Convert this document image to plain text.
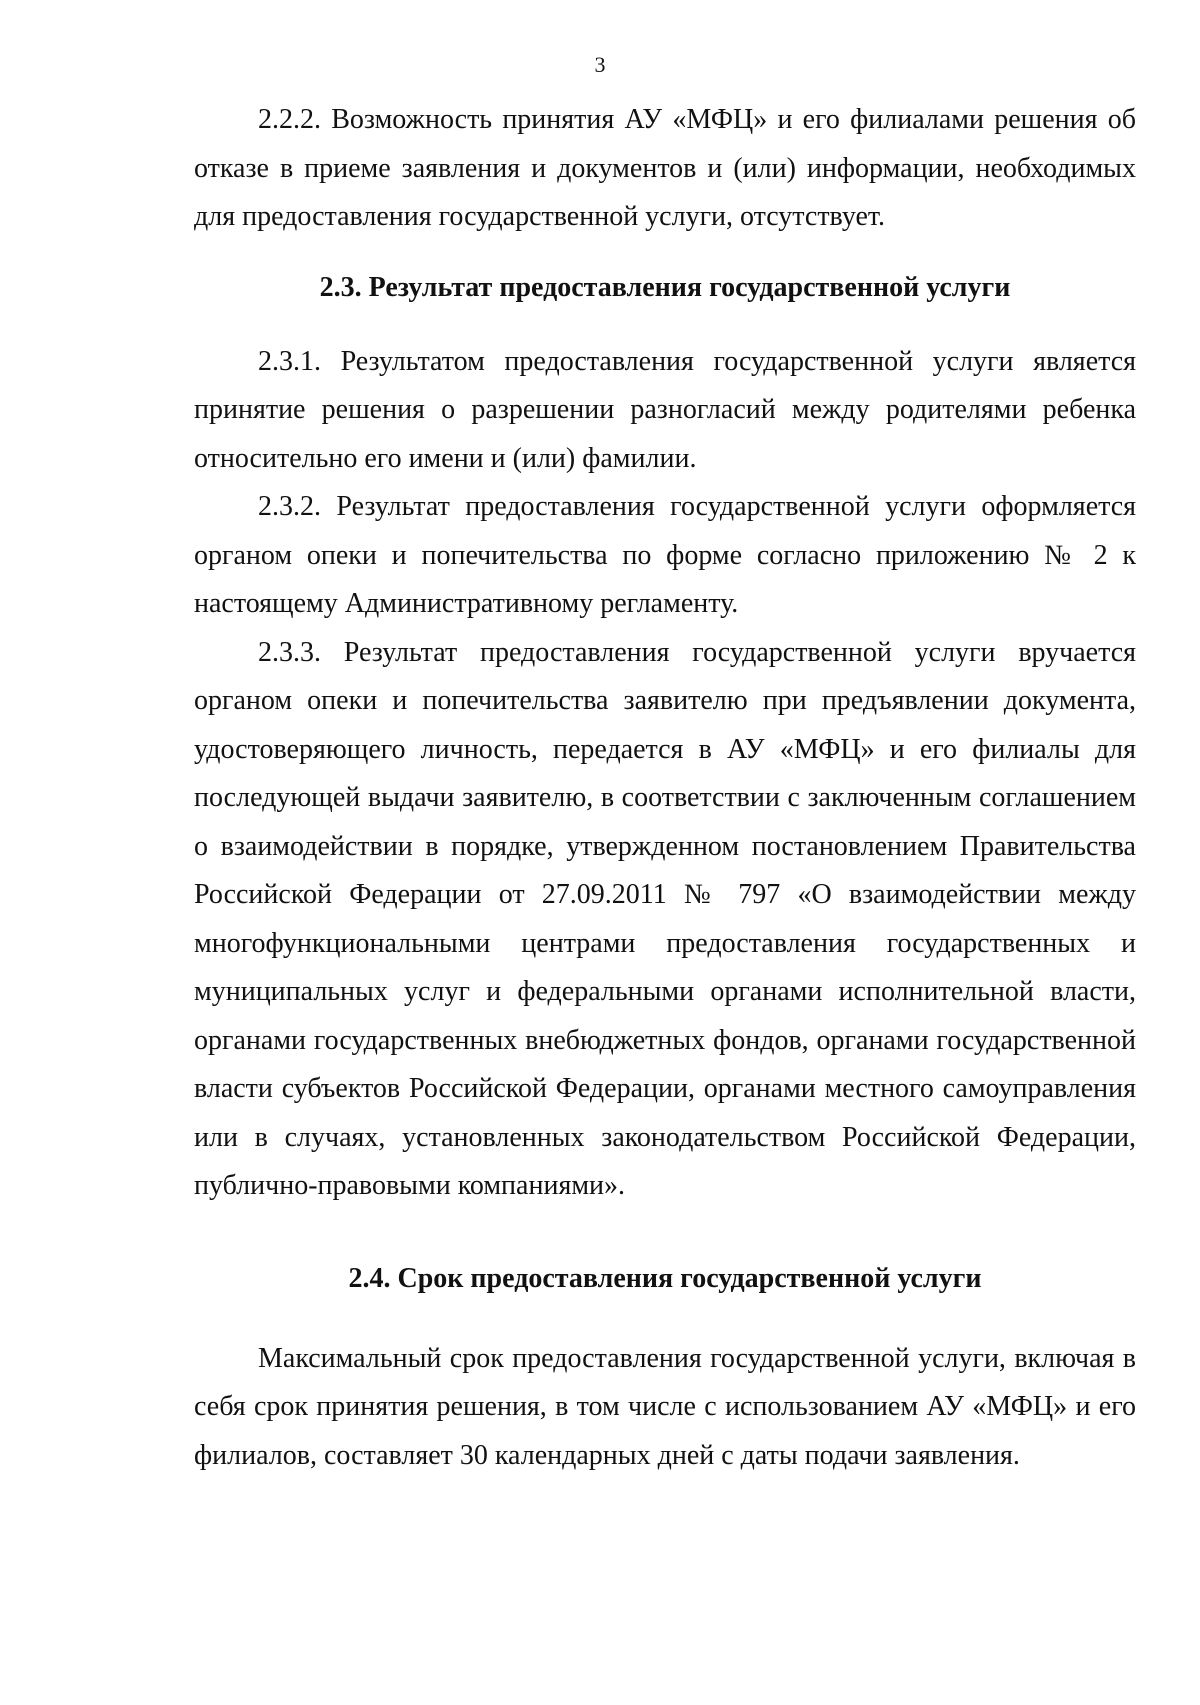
3

2.2.2. Возможность принятия АУ «МФЦ» и его филиалами решения об отказе в приеме заявления и документов и (или) информации, необходимых для предоставления государственной услуги, отсутствует.

2.3. Результат предоставления государственной услуги

2.3.1. Результатом предоставления государственной услуги является принятие решения о разрешении разногласий между родителями ребенка относительно его имени и (или) фамилии.

2.3.2. Результат предоставления государственной услуги оформляется органом опеки и попечительства по форме согласно приложению № 2 к настоящему Административному регламенту.

2.3.3. Результат предоставления государственной услуги вручается органом опеки и попечительства заявителю при предъявлении документа, удостоверяющего личность, передается в АУ «МФЦ» и его филиалы для последующей выдачи заявителю, в соответствии с заключенным соглашением о взаимодействии в порядке, утвержденном постановлением Правительства Российской Федерации от 27.09.2011 № 797 «О взаимодействии между многофункциональными центрами предоставления государственных и муниципальных услуг и федеральными органами исполнительной власти, органами государственных внебюджетных фондов, органами государственной власти субъектов Российской Федерации, органами местного самоуправления или в случаях, установленных законодательством Российской Федерации, публично-правовыми компаниями».

2.4. Срок предоставления государственной услуги

Максимальный срок предоставления государственной услуги, включая в себя срок принятия решения, в том числе с использованием АУ «МФЦ» и его филиалов, составляет 30 календарных дней с даты подачи заявления.
